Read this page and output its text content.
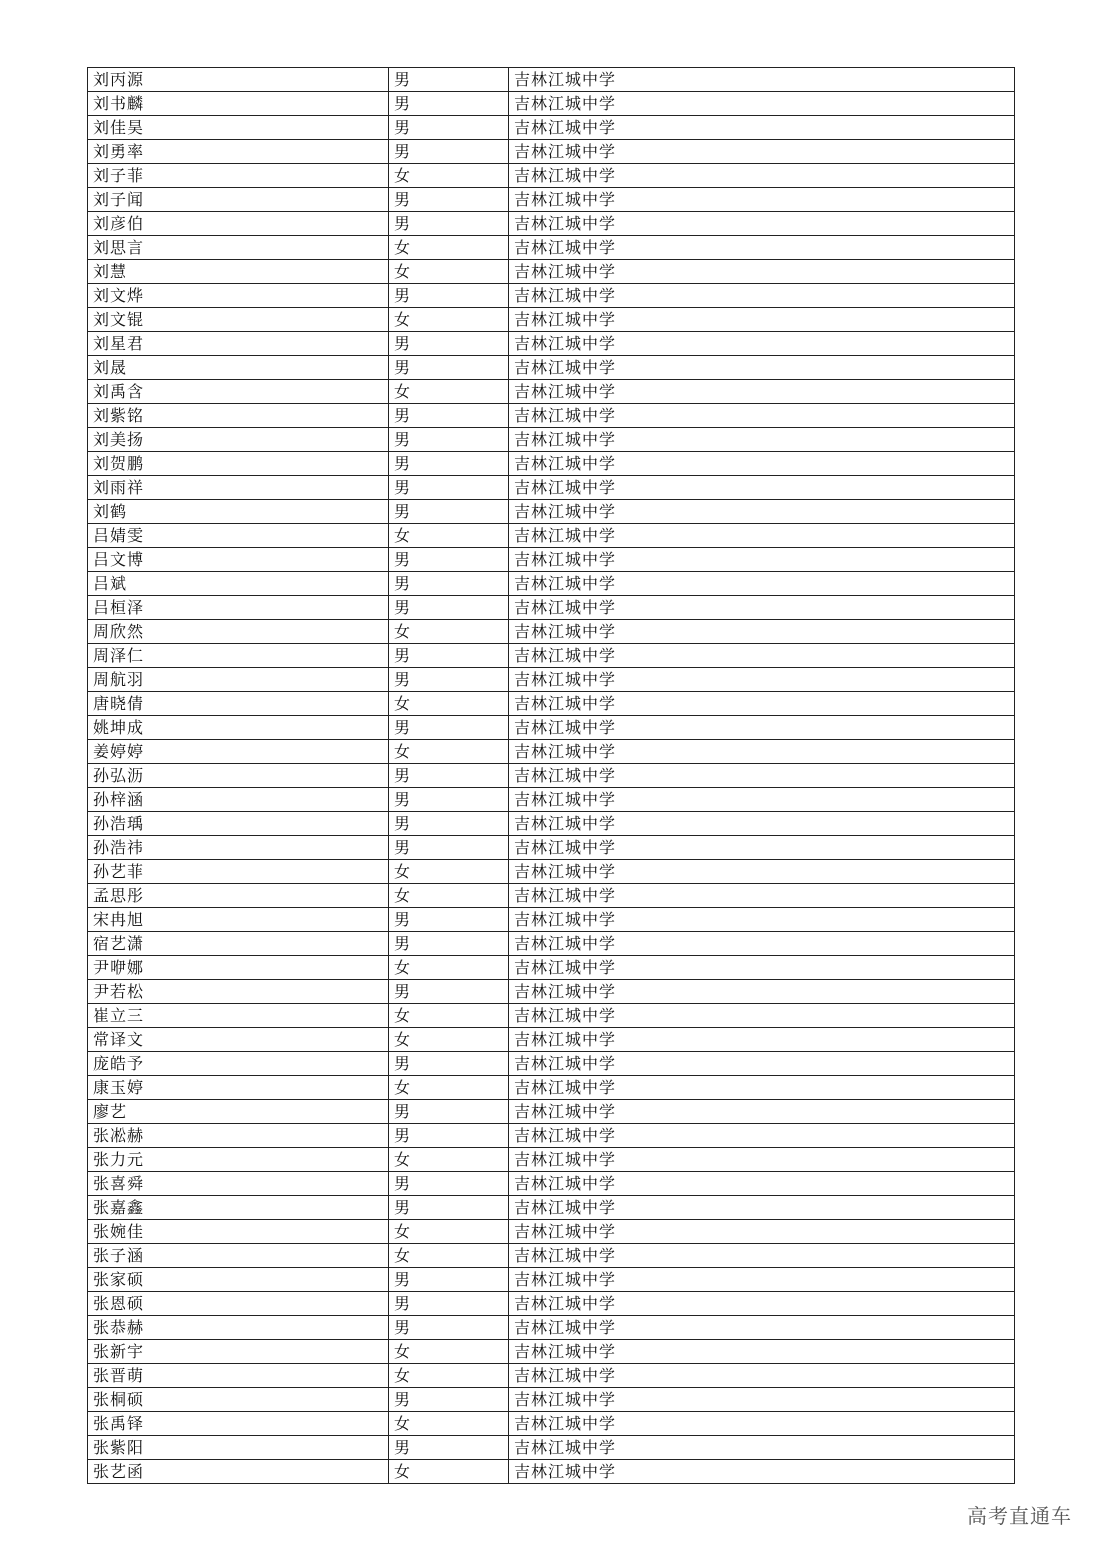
刘丙源	男	吉林江城中学
刘书麟	男	吉林江城中学
刘佳昊	男	吉林江城中学
刘勇率	男	吉林江城中学
刘子菲	女	吉林江城中学
刘子闻	男	吉林江城中学
刘彦伯	男	吉林江城中学
刘思言	女	吉林江城中学
刘慧	女	吉林江城中学
刘文烨	男	吉林江城中学
刘文锟	女	吉林江城中学
刘星君	男	吉林江城中学
刘晟	男	吉林江城中学
刘禹含	女	吉林江城中学
刘紫铭	男	吉林江城中学
刘美扬	男	吉林江城中学
刘贺鹏	男	吉林江城中学
刘雨祥	男	吉林江城中学
刘鹤	男	吉林江城中学
吕婧雯	女	吉林江城中学
吕文博	男	吉林江城中学
吕斌	男	吉林江城中学
吕桓泽	男	吉林江城中学
周欣然	女	吉林江城中学
周泽仁	男	吉林江城中学
周航羽	男	吉林江城中学
唐晓倩	女	吉林江城中学
姚坤成	男	吉林江城中学
姜婷婷	女	吉林江城中学
孙弘沥	男	吉林江城中学
孙梓涵	男	吉林江城中学
孙浩瑀	男	吉林江城中学
孙浩祎	男	吉林江城中学
孙艺菲	女	吉林江城中学
孟思彤	女	吉林江城中学
宋冉旭	男	吉林江城中学
宿艺潇	男	吉林江城中学
尹咿娜	女	吉林江城中学
尹若松	男	吉林江城中学
崔立三	女	吉林江城中学
常译文	女	吉林江城中学
庞皓予	男	吉林江城中学
康玉婷	女	吉林江城中学
廖艺	男	吉林江城中学
张凇赫	男	吉林江城中学
张力元	女	吉林江城中学
张喜舜	男	吉林江城中学
张嘉鑫	男	吉林江城中学
张婉佳	女	吉林江城中学
张子涵	女	吉林江城中学
张家硕	男	吉林江城中学
张恩硕	男	吉林江城中学
张恭赫	男	吉林江城中学
张新宇	女	吉林江城中学
张晋萌	女	吉林江城中学
张桐硕	男	吉林江城中学
张禹铎	女	吉林江城中学
张紫阳	男	吉林江城中学
张艺函	女	吉林江城中学
高考直通车
